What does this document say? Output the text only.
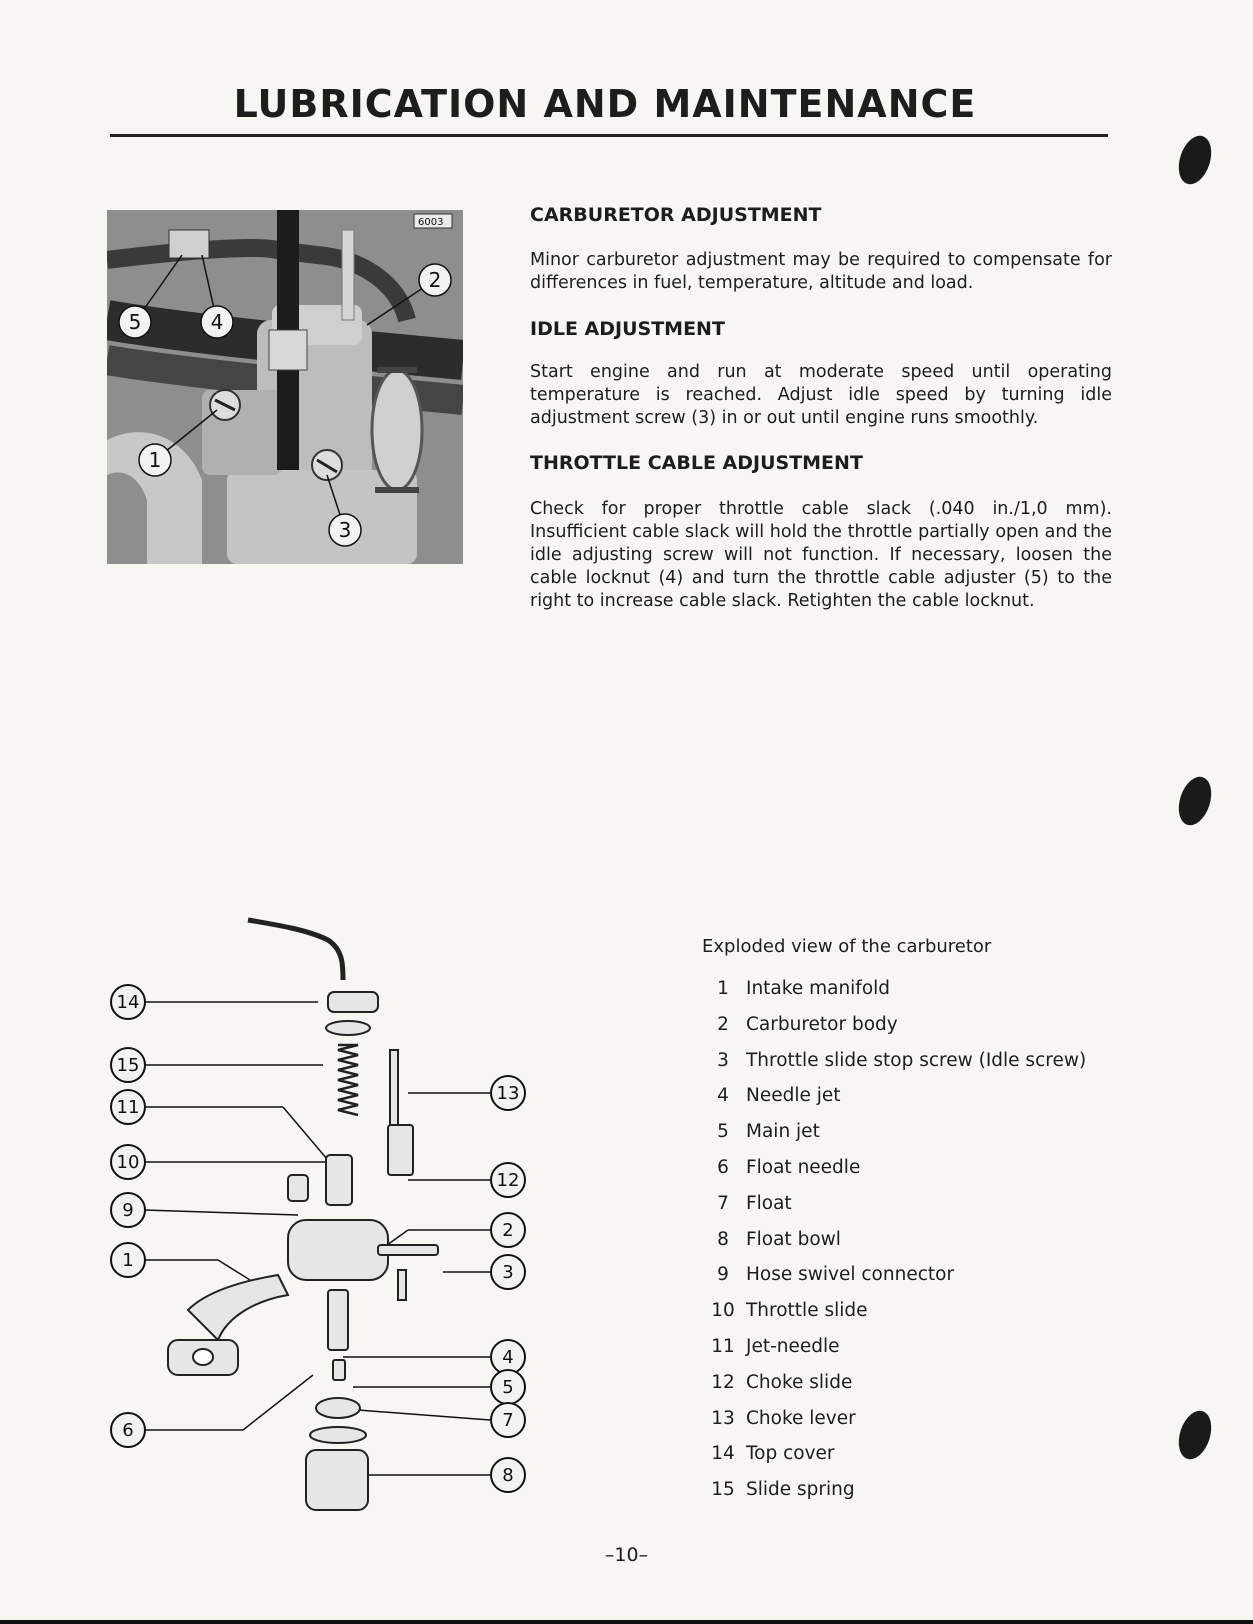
LUBRICATION AND MAINTENANCE
6003
1
2
3
4
5
CARBURETOR ADJUSTMENT
Minor carburetor adjustment may be required to compensate for differences in fuel, temperature, altitude and load.
IDLE ADJUSTMENT
Start engine and run at moderate speed until operating temperature is reached. Adjust idle speed by turning idle adjustment screw (3) in or out until engine runs smoothly.
THROTTLE CABLE ADJUSTMENT
Check for proper throttle cable slack (.040 in./1,0 mm). Insufficient cable slack will hold the throttle partially open and the idle adjusting screw will not function. If necessary, loosen the cable locknut (4) and turn the throttle cable adjuster (5) to the right to increase cable slack. Retighten the cable locknut.
14
15
11
10
9
1
6
13
12
2
3
4
5
7
8
Exploded view of the carburetor
1 Intake manifold
2 Carburetor body
3 Throttle slide stop screw (Idle screw)
4 Needle jet
5 Main jet
6 Float needle
7 Float
8 Float bowl
9 Hose swivel connector
10 Throttle slide
11 Jet-needle
12 Choke slide
13 Choke lever
14 Top cover
15 Slide spring
–10–
